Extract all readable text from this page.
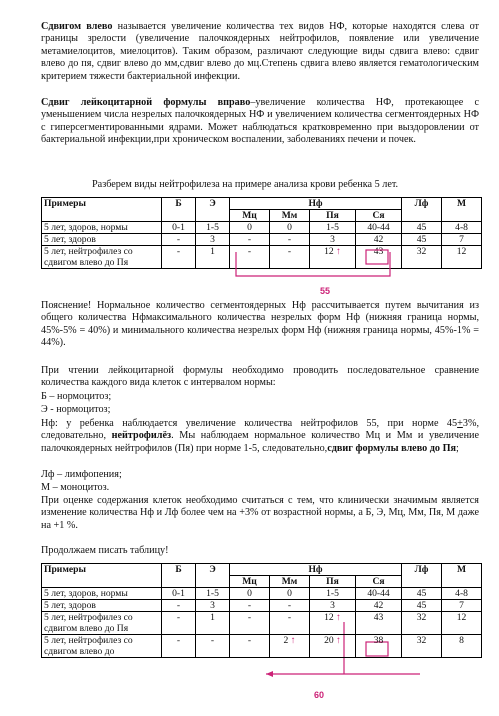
Сдвигом влево называется увеличение количества тех видов НФ, которые находятся слева от границы зрелости (увеличение палочкоядерных нейтрофилов, появление или увеличение метамиелоцитов, миелоцитов). Таким образом, различают следующие виды сдвига влево: сдвиг влево до пя, сдвиг влево до мм,сдвиг влево до мц.Степень сдвига влево является гематологическим критерием тяжести бактериальной инфекции.

Сдвиг лейкоцитарной формулы вправо–увеличение количества НФ, протекающее с уменьшением числа незрелых палочкоядерных НФ и увеличением количества сегментоядерных НФ с гиперсегментированными ядрами. Может наблюдаться кратковременно при выздоровлении от бактериальной инфекции,при хроническом воспалении, заболеваниях печени и почек.

Разберем виды нейтрофилеза на примере анализа крови ребенка 5 лет.
Примеры	Б	Э	Нф				Лф	М
			Мц	Мм	Пя	Ся		
5 лет, здоров, нормы	0-1	1-5	0	0	1-5	40-44	45	4-8
5 лет, здоров	-	3	-	-	3	42	45	7
5 лет, нейтрофилез со сдвигом влево до Пя	-	1	-	-	12 ↑	43	32	12
55

Пояснение! Нормальное количество сегментоядерных Нф рассчитывается путем вычитания из общего количества Нфмаксимального количества незрелых форм Нф (нижняя граница нормы, 45%-5% = 40%) и минимального количества незрелых форм Нф (нижняя граница нормы, 45%-1% = 44%).

При чтении лейкоцитарной формулы необходимо проводить последовательное сравнение количества каждого вида клеток с интервалом нормы:

Б – нормоцитоз;
Э - нормоцитоз;

Нф: у ребенка наблюдается увеличение количества нейтрофилов 55, при норме 45+3%, следовательно, нейтрофилёз. Мы наблюдаем нормальное количество Мц и Мм и увеличение палочкоядерных нейтрофилов (Пя) при норме 1-5, следовательно,сдвиг формулы влево до Пя;

Лф – лимфопения;
М – моноцитоз.

При оценке содержания клеток необходимо считаться с тем, что клинически значимым является изменение количества Нф и Лф более чем на +3% от возрастной нормы, а Б, Э, Мц, Мм, Пя, М даже на +1 %.

Продолжаем писать таблицу!
Примеры	Б	Э	Нф				Лф	М
			Мц	Мм	Пя	Ся		
5 лет, здоров, нормы	0-1	1-5	0	0	1-5	40-44	45	4-8
5 лет, здоров	-	3	-	-	3	42	45	7
5 лет, нейтрофилез со сдвигом влево до Пя	-	1	-	-	12 ↑	43	32	12
5 лет, нейтрофилез со сдвигом влево до	-	-	-	2 ↑	20 ↑	38	32	8
60
